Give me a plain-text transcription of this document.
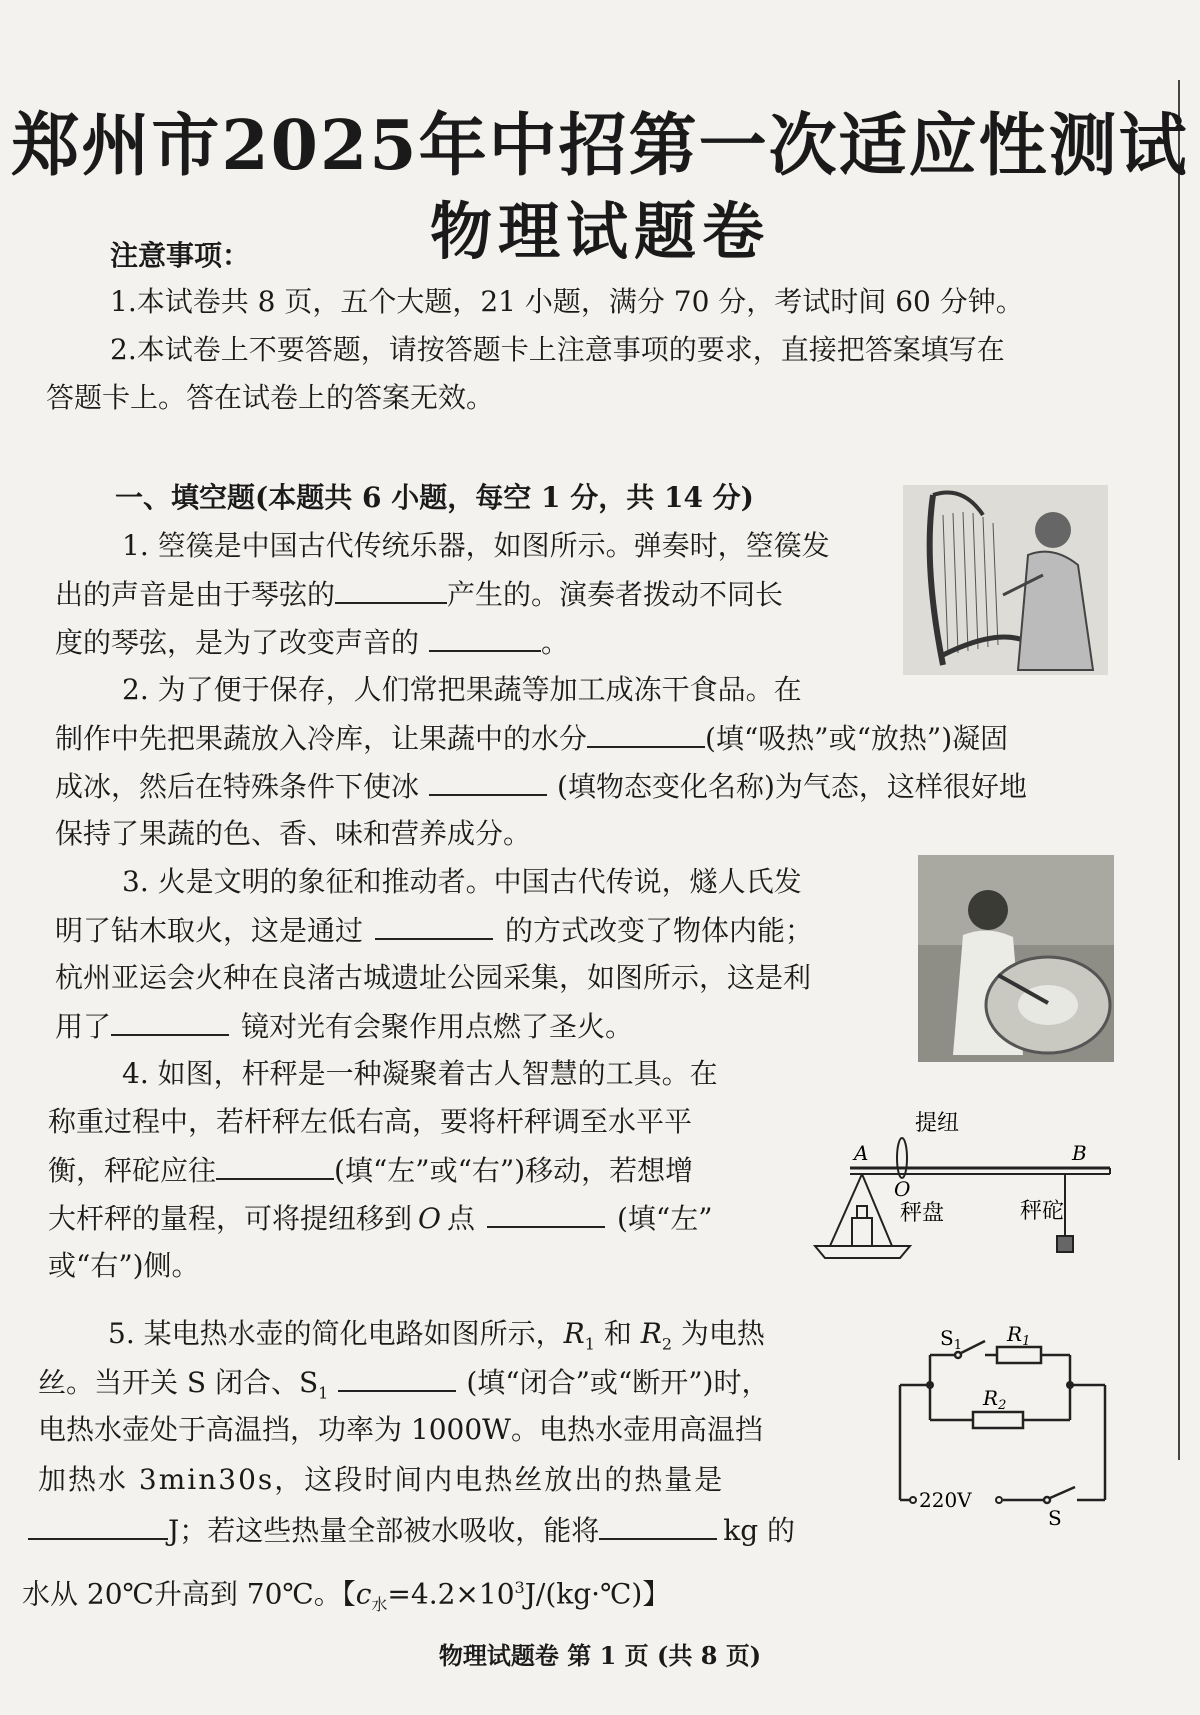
郑州市2025年中招第一次适应性测试
物理试题卷
注意事项：
1.本试卷共 8 页，五个大题，21 小题，满分 70 分，考试时间 60 分钟。
2.本试卷上不要答题，请按答题卡上注意事项的要求，直接把答案填写在
答题卡上。答在试卷上的答案无效。
一、填空题(本题共 6 小题，每空 1 分，共 14 分)
1. 箜篌是中国古代传统乐器，如图所示。弹奏时，箜篌发
出的声音是由于琴弦的	产生的。演奏者拨动不同长
度的琴弦，是为了改变声音的	。
2. 为了便于保存，人们常把果蔬等加工成冻干食品。在
制作中先把果蔬放入冷库，让果蔬中的水分	(填“吸热”或“放热”)凝固
成冰，然后在特殊条件下使冰	(填物态变化名称)为气态，这样很好地
保持了果蔬的色、香、味和营养成分。
3. 火是文明的象征和推动者。中国古代传说，燧人氏发
明了钻木取火，这是通过	的方式改变了物体内能；
杭州亚运会火种在良渚古城遗址公园采集，如图所示，这是利
用了	镜对光有会聚作用点燃了圣火。
4. 如图，杆秤是一种凝聚着古人智慧的工具。在
称重过程中，若杆秤左低右高，要将杆秤调至水平平
衡，秤砣应往	(填“左”或“右”)移动，若想增
大杆秤的量程，可将提纽移到 O 点	(填“左”
或“右”)侧。
提纽
A	B
O
秤盘	秤砣
5. 某电热水壶的简化电路如图所示，$R_1$ 和 $R_2$ 为电热
丝。当开关 S 闭合、$S_1$	(填“闭合”或“断开”)时，
电热水壶处于高温挡，功率为 1000W。电热水壶用高温挡
加热水 3min30s，这段时间内电热丝放出的热量是
J；若这些热量全部被水吸收，能将	kg 的
水从 20℃升高到 70℃。【$c_水=4.2\times 10^3J/(kg\cdot℃)$】
$S_1$ $R_1$
$R_2$
220V
S
物理试题卷 第 1 页 (共 8 页)
